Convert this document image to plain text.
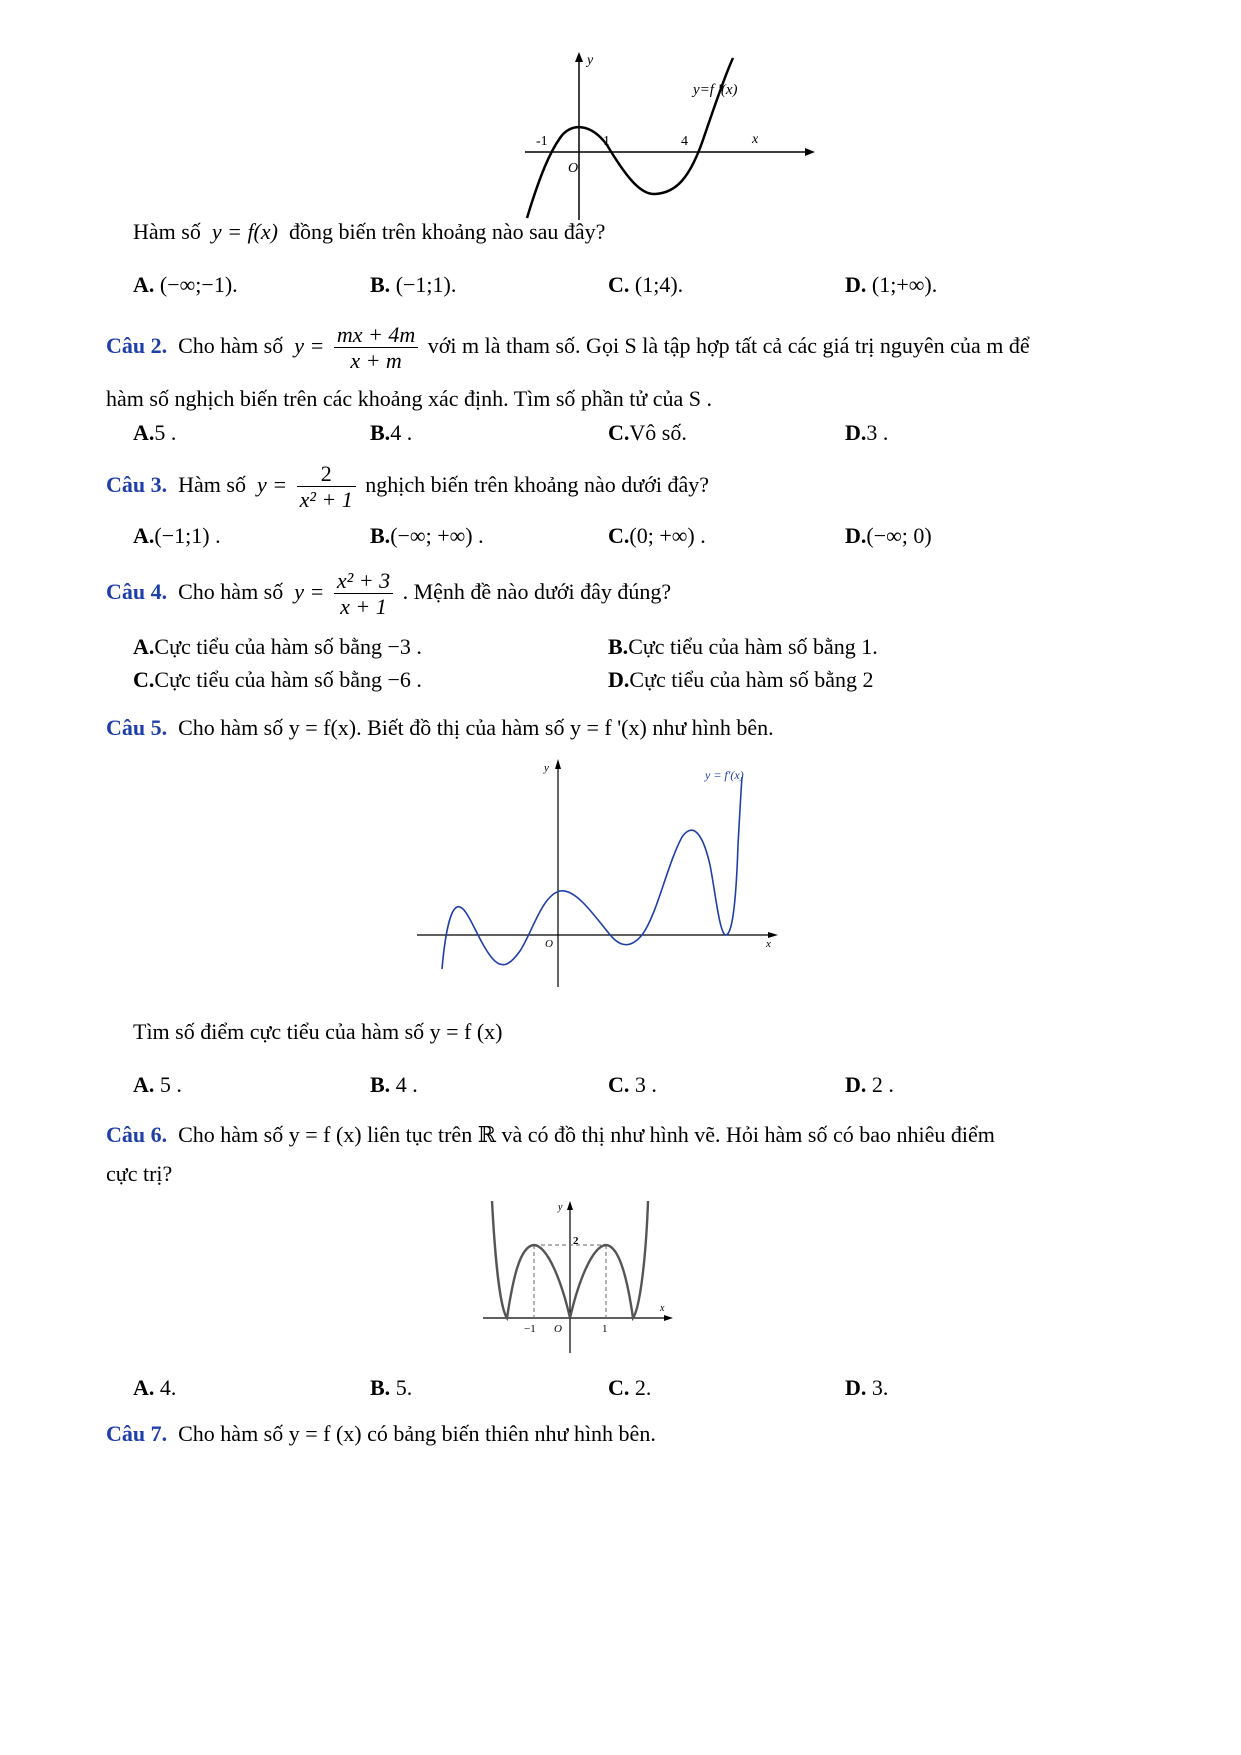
y
x
O
y=f '(x)
-1	1	4
Hàm số y = f(x) đồng biến trên khoảng nào sau đây?
A. (−∞;−1).	B. (−1;1).	C. (1;4).	D. (1;+∞).
Câu 2. Cho hàm số $y = \frac{mx + 4m}{x + m}$ với m là tham số. Gọi S là tập hợp tất cả các giá trị nguyên của m để
hàm số nghịch biến trên các khoảng xác định. Tìm số phần tử của S .
A.5 .	B.4 .	C.Vô số.	D.3 .
Câu 3. Hàm số $y = \frac{2}{\text{x² + 1}}$ nghịch biến trên khoảng nào dưới đây?
A.(−1;1) .	B.(−∞; +∞) .	C.(0; +∞) .	D.(−∞; 0)
Câu 4. Cho hàm số $y = \frac{\text{x² + 3}}{x + 1}$ . Mệnh đề nào dưới đây đúng?
A.Cực tiểu của hàm số bằng −3 .	B.Cực tiểu của hàm số bằng 1.
C.Cực tiểu của hàm số bằng −6 .	D.Cực tiểu của hàm số bằng 2
Câu 5. Cho hàm số y = f(x). Biết đồ thị của hàm số y = f '(x) như hình bên.
y
x
O
y = f′(x)
Tìm số điểm cực tiểu của hàm số y = f (x)
A. 5 .	B. 4 .	C. 3 .	D. 2 .
Câu 6. Cho hàm số y = f (x) liên tục trên ℝ và có đồ thị như hình vẽ. Hỏi hàm số có bao nhiêu điểm
cực trị?
y
x
O
−1	1
2
A. 4.	B. 5.	C. 2.	D. 3.
Câu 7. Cho hàm số y = f (x) có bảng biến thiên như hình bên.
